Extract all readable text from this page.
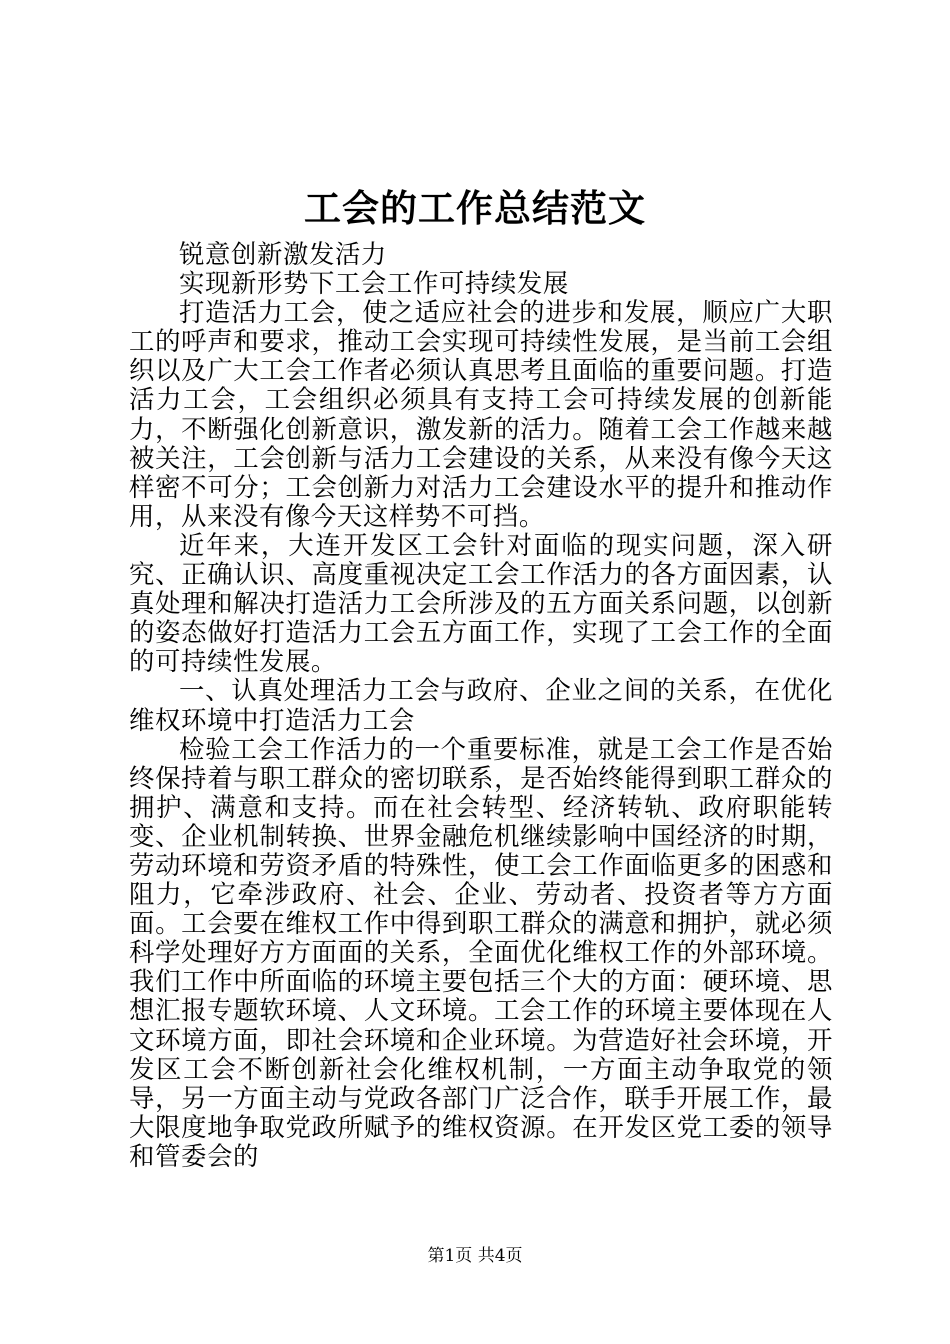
工会的工作总结范文

锐意创新激发活力

实现新形势下工会工作可持续发展

打造活力工会，使之适应社会的进步和发展，顺应广大职工的呼声和要求，推动工会实现可持续性发展，是当前工会组织以及广大工会工作者必须认真思考且面临的重要问题。打造活力工会，工会组织必须具有支持工会可持续发展的创新能力，不断强化创新意识，激发新的活力。随着工会工作越来越被关注，工会创新与活力工会建设的关系，从来没有像今天这样密不可分；工会创新力对活力工会建设水平的提升和推动作用，从来没有像今天这样势不可挡。

近年来，大连开发区工会针对面临的现实问题，深入研究、正确认识、高度重视决定工会工作活力的各方面因素，认真处理和解决打造活力工会所涉及的五方面关系问题，以创新的姿态做好打造活力工会五方面工作，实现了工会工作的全面的可持续性发展。

一、认真处理活力工会与政府、企业之间的关系，在优化维权环境中打造活力工会

检验工会工作活力的一个重要标准，就是工会工作是否始终保持着与职工群众的密切联系，是否始终能得到职工群众的拥护、满意和支持。而在社会转型、经济转轨、政府职能转变、企业机制转换、世界金融危机继续影响中国经济的时期，劳动环境和劳资矛盾的特殊性，使工会工作面临更多的困惑和阻力，它牵涉政府、社会、企业、劳动者、投资者等方方面面。工会要在维权工作中得到职工群众的满意和拥护，就必须科学处理好方方面面的关系，全面优化维权工作的外部环境。我们工作中所面临的环境主要包括三个大的方面：硬环境、思想汇报专题软环境、人文环境。工会工作的环境主要体现在人文环境方面，即社会环境和企业环境。为营造好社会环境，开发区工会不断创新社会化维权机制，一方面主动争取党的领导，另一方面主动与党政各部门广泛合作，联手开展工作，最大限度地争取党政所赋予的维权资源。在开发区党工委的领导和管委会的

第1页 共4页
